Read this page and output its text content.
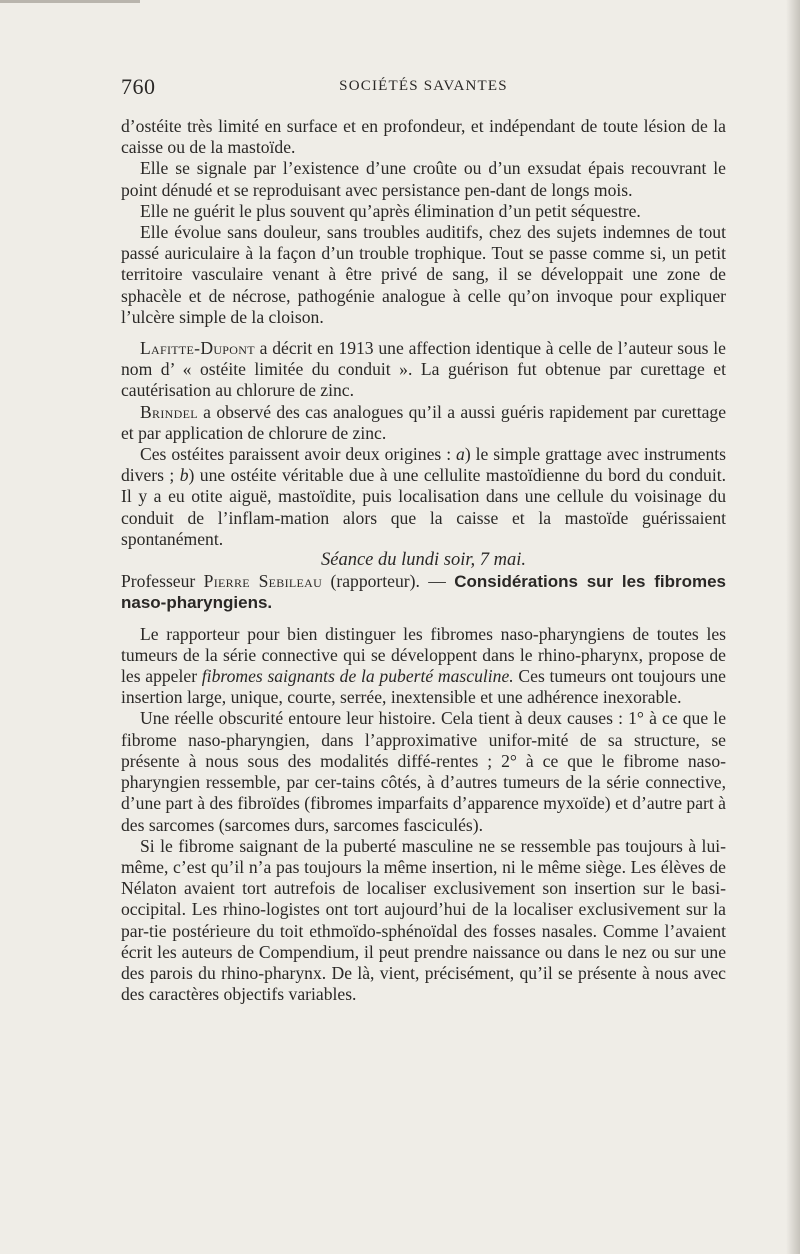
760	SOCIÉTÉS SAVANTES

d’ostéite très limité en surface et en profondeur, et indépendant de toute lésion de la caisse ou de la mastoïde.

Elle se signale par l’existence d’une croûte ou d’un exsudat épais recouvrant le point dénudé et se reproduisant avec persistance pen-dant de longs mois.

Elle ne guérit le plus souvent qu’après élimination d’un petit séquestre.

Elle évolue sans douleur, sans troubles auditifs, chez des sujets indemnes de tout passé auriculaire à la façon d’un trouble trophique. Tout se passe comme si, un petit territoire vasculaire venant à être privé de sang, il se développait une zone de sphacèle et de nécrose, pathogénie analogue à celle qu’on invoque pour expliquer l’ulcère simple de la cloison.

Lafitte-Dupont a décrit en 1913 une affection identique à celle de l’auteur sous le nom d’ « ostéite limitée du conduit ». La guérison fut obtenue par curettage et cautérisation au chlorure de zinc.

Brindel a observé des cas analogues qu’il a aussi guéris rapidement par curettage et par application de chlorure de zinc.

Ces ostéites paraissent avoir deux origines : a) le simple grattage avec instruments divers ; b) une ostéite véritable due à une cellulite mastoïdienne du bord du conduit. Il y a eu otite aiguë, mastoïdite, puis localisation dans une cellule du voisinage du conduit de l’inflam-mation alors que la caisse et la mastoïde guérissaient spontanément.

Séance du lundi soir, 7 mai.

Professeur Pierre Sebileau (rapporteur). — Considérations sur les fibromes naso-pharyngiens.

Le rapporteur pour bien distinguer les fibromes naso-pharyngiens de toutes les tumeurs de la série connective qui se développent dans le rhino-pharynx, propose de les appeler fibromes saignants de la puberté masculine. Ces tumeurs ont toujours une insertion large, unique, courte, serrée, inextensible et une adhérence inexorable.

Une réelle obscurité entoure leur histoire. Cela tient à deux causes : 1° à ce que le fibrome naso-pharyngien, dans l’approximative unifor-mité de sa structure, se présente à nous sous des modalités diffé-rentes ; 2° à ce que le fibrome naso-pharyngien ressemble, par cer-tains côtés, à d’autres tumeurs de la série connective, d’une part à des fibroïdes (fibromes imparfaits d’apparence myxoïde) et d’autre part à des sarcomes (sarcomes durs, sarcomes fasciculés).

Si le fibrome saignant de la puberté masculine ne se ressemble pas toujours à lui-même, c’est qu’il n’a pas toujours la même insertion, ni le même siège. Les élèves de Nélaton avaient tort autrefois de localiser exclusivement son insertion sur le basi-occipital. Les rhino-logistes ont tort aujourd’hui de la localiser exclusivement sur la par-tie postérieure du toit ethmoïdo-sphénoïdal des fosses nasales. Comme l’avaient écrit les auteurs de Compendium, il peut prendre naissance ou dans le nez ou sur une des parois du rhino-pharynx. De là, vient, précisément, qu’il se présente à nous avec des caractères objectifs variables.
